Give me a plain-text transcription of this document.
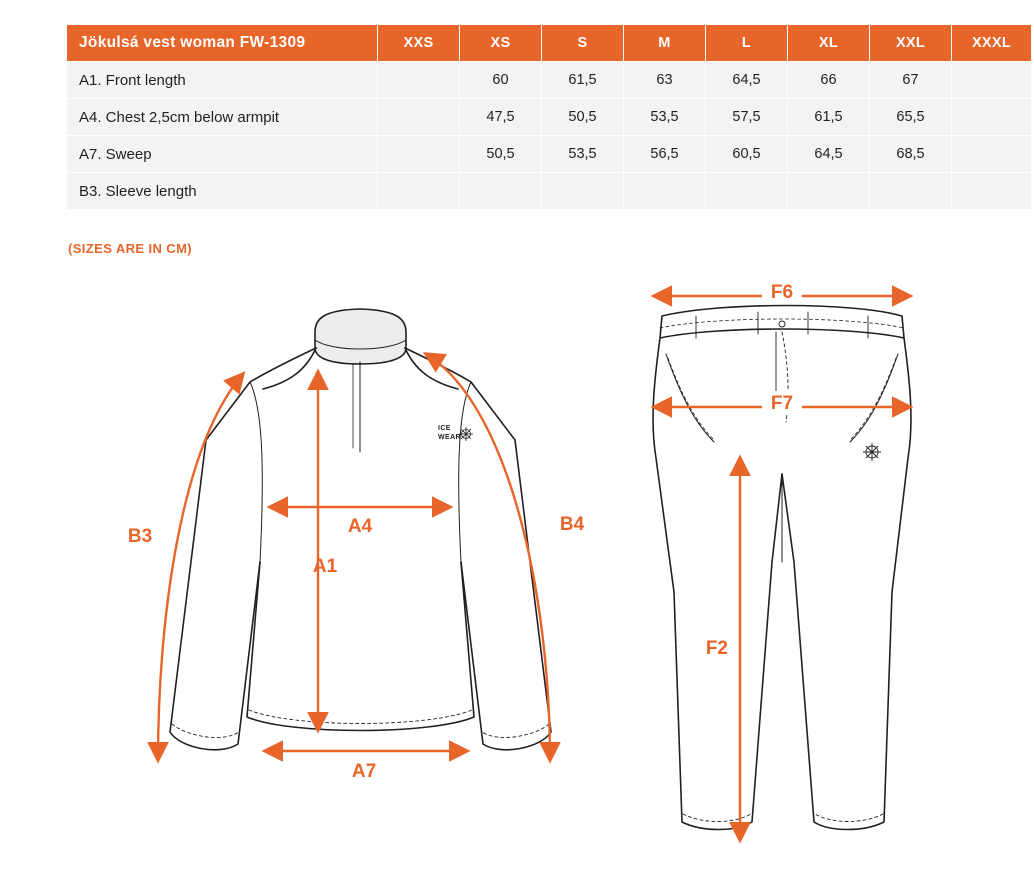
Jökulsá vest woman FW-1309	XXS	XS	S	M	L	XL	XXL	XXXL
A1. Front length		60	61,5	63	64,5	66	67	
A4. Chest 2,5cm below armpit		47,5	50,5	53,5	57,5	61,5	65,5	
A7. Sweep		50,5	53,5	56,5	60,5	64,5	68,5	
B3. Sleeve length								
(SIZES ARE IN CM)
ICE
WEAR
B3	A4
A1
A7
B4
F6
F7
F2
